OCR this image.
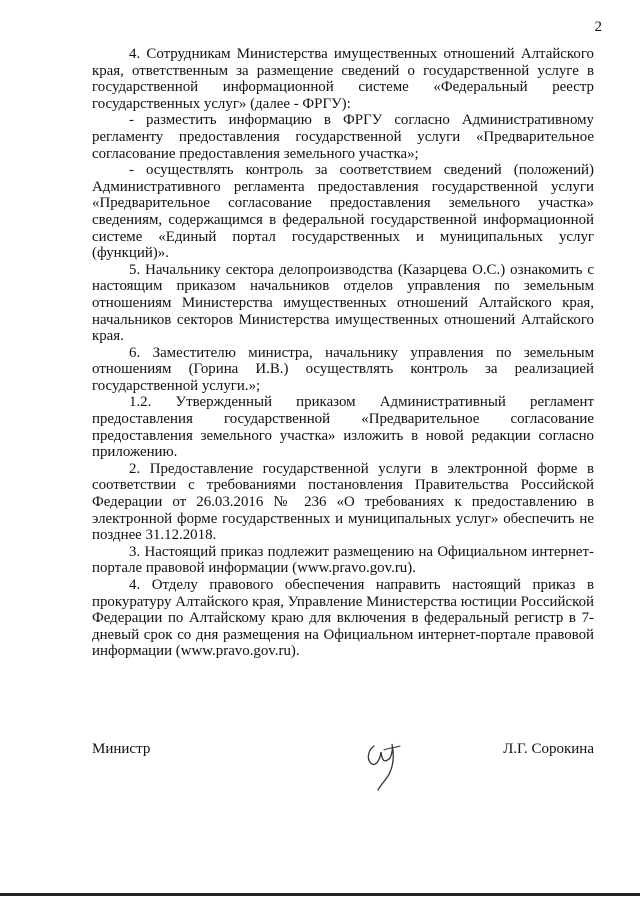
2

4. Сотрудникам Министерства имущественных отношений Алтайского края, ответственным за размещение сведений о государственной услуге в государственной информационной системе «Федеральный реестр государственных услуг» (далее - ФРГУ):

- разместить информацию в ФРГУ согласно Административному регламенту предоставления государственной услуги «Предварительное согласование предоставления земельного участка»;

- осуществлять контроль за соответствием сведений (положений) Административного регламента предоставления государственной услуги «Предварительное согласование предоставления земельного участка» сведениям, содержащимся в федеральной государственной информационной системе «Единый портал государственных и муниципальных услуг (функций)».

5. Начальнику сектора делопроизводства (Казарцева О.С.) ознакомить с настоящим приказом начальников отделов управления по земельным отношениям Министерства имущественных отношений Алтайского края, начальников секторов Министерства имущественных отношений Алтайского края.

6. Заместителю министра, начальнику управления по земельным отношениям (Горина И.В.) осуществлять контроль за реализацией государственной услуги.»;

1.2. Утвержденный приказом Административный регламент предоставления государственной «Предварительное согласование предоставления земельного участка» изложить в новой редакции согласно приложению.

2. Предоставление государственной услуги в электронной форме в соответствии с требованиями постановления Правительства Российской Федерации от 26.03.2016 № 236 «О требованиях к предоставлению в электронной форме государственных и муниципальных услуг» обеспечить не позднее 31.12.2018.

3. Настоящий приказ подлежит размещению на Официальном интернет-портале правовой информации (www.pravo.gov.ru).

4. Отделу правового обеспечения направить настоящий приказ в прокуратуру Алтайского края, Управление Министерства юстиции Российской Федерации по Алтайскому краю для включения в федеральный регистр в 7-дневый срок со дня размещения на Официальном интернет-портале правовой информации (www.pravo.gov.ru).

Министр	Л.Г. Сорокина
